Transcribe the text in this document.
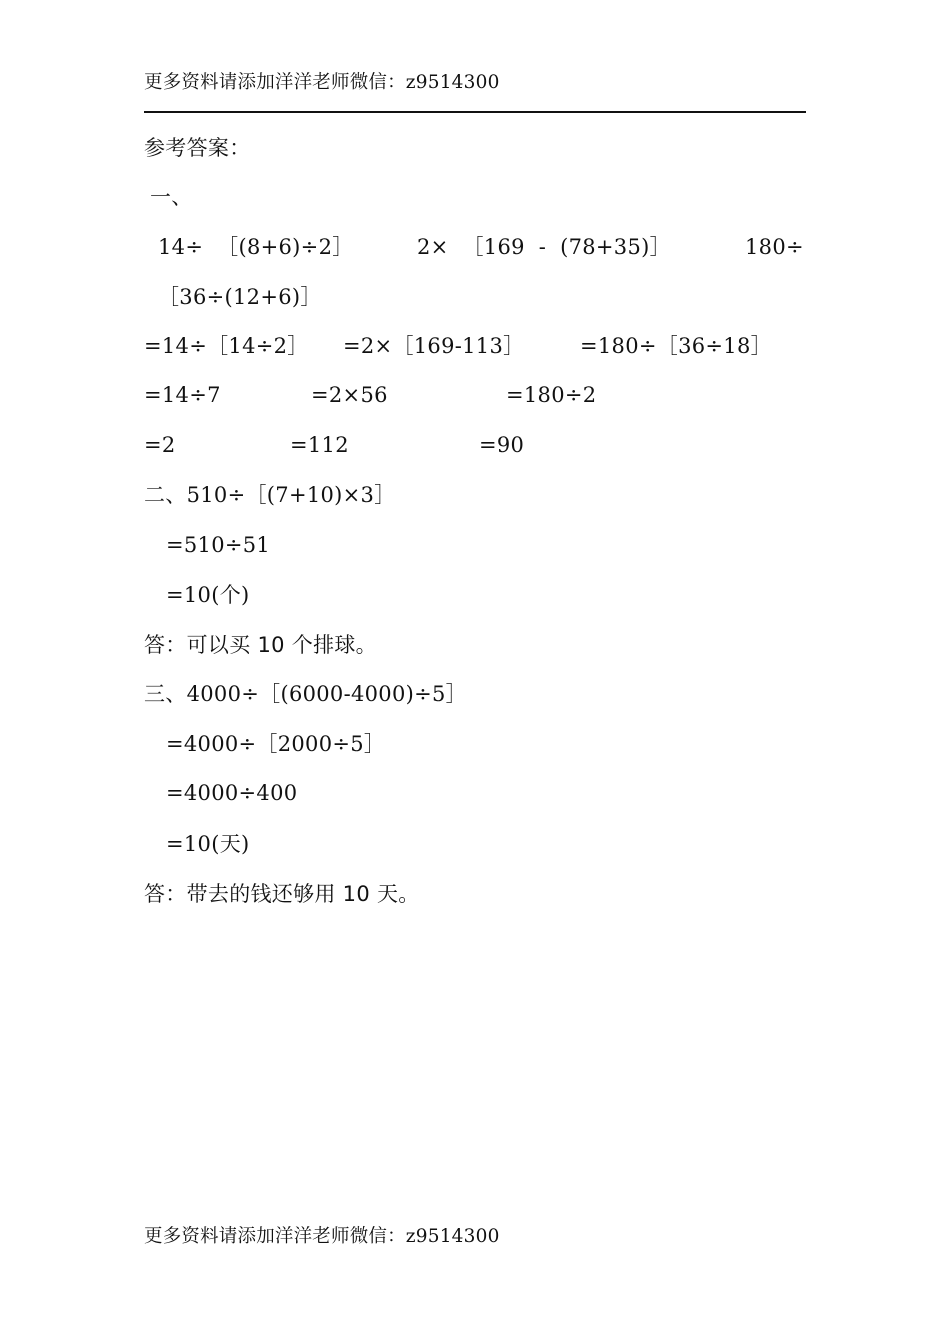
更多资料请添加洋洋老师微信：z9514300
参考答案：
一、
14÷  ［(8+6)÷2］	2×  ［169  -  (78+35)］	180÷
［36÷(12+6)］
=14÷［14÷2］ =2×［169-113］	=180÷［36÷18］
=14÷7	=2×56	=180÷2
=2	=112	=90
二、510÷［(7+10)×3］
=510÷51
=10(个)
答：可以买 10 个排球。
三、4000÷［(6000-4000)÷5］
=4000÷［2000÷5］
=4000÷400
=10(天)
答：带去的钱还够用 10 天。
更多资料请添加洋洋老师微信：z9514300
